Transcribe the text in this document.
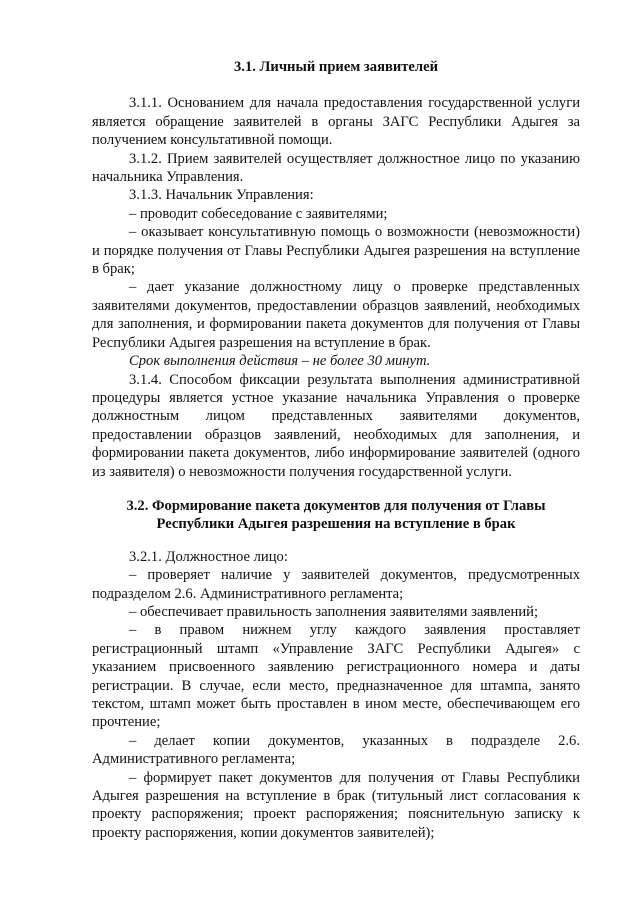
3.1. Личный прием заявителей

3.1.1. Основанием для начала предоставления государственной услуги является обращение заявителей в органы ЗАГС Республики Адыгея за получением консультативной помощи.

3.1.2. Прием заявителей осуществляет должностное лицо по указанию начальника Управления.

3.1.3. Начальник Управления:

– проводит собеседование с заявителями;

– оказывает консультативную помощь о возможности (невозможности) и порядке получения от Главы Республики Адыгея разрешения на вступление в брак;

– дает указание должностному лицу о проверке представленных заявителями документов, предоставлении образцов заявлений, необходимых для заполнения, и формировании пакета документов для получения от Главы Республики Адыгея разрешения на вступление в брак.

Срок выполнения действия – не более 30 минут.

3.1.4. Способом фиксации результата выполнения административной процедуры является устное указание начальника Управления о проверке должностным лицом представленных заявителями документов, предоставлении образцов заявлений, необходимых для заполнения, и формировании пакета документов, либо информирование заявителей (одного из заявителя) о невозможности получения государственной услуги.

3.2. Формирование пакета документов для получения от Главы Республики Адыгея разрешения на вступление в брак

3.2.1. Должностное лицо:

– проверяет наличие у заявителей документов, предусмотренных подразделом 2.6. Административного регламента;

– обеспечивает правильность заполнения заявителями заявлений;

– в правом нижнем углу каждого заявления проставляет регистрационный штамп «Управление ЗАГС Республики Адыгея» с указанием присвоенного заявлению регистрационного номера и даты регистрации. В случае, если место, предназначенное для штампа, занято текстом, штамп может быть проставлен в ином месте, обеспечивающем его прочтение;

– делает копии документов, указанных в подразделе 2.6. Административного регламента;

– формирует пакет документов для получения от Главы Республики Адыгея разрешения на вступление в брак (титульный лист согласования к проекту распоряжения; проект распоряжения; пояснительную записку к проекту распоряжения, копии документов заявителей);
